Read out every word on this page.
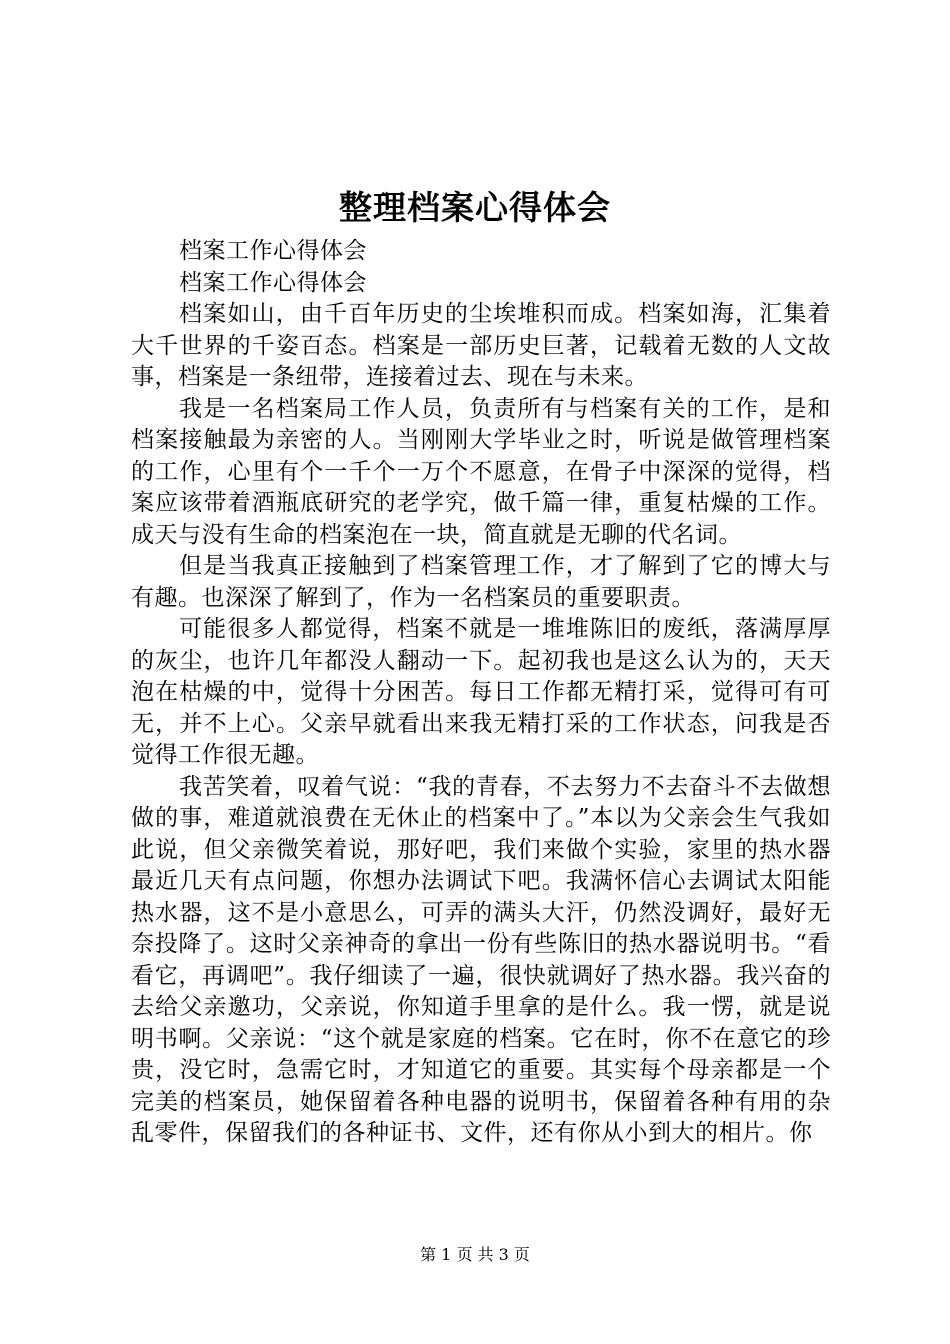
整理档案心得体会

档案工作心得体会

档案工作心得体会

档案如山，由千百年历史的尘埃堆积而成。档案如海，汇集着大千世界的千姿百态。档案是一部历史巨著，记载着无数的人文故事，档案是一条纽带，连接着过去、现在与未来。

我是一名档案局工作人员，负责所有与档案有关的工作，是和档案接触最为亲密的人。当刚刚大学毕业之时，听说是做管理档案的工作，心里有个一千个一万个不愿意，在骨子中深深的觉得，档案应该带着酒瓶底研究的老学究，做千篇一律，重复枯燥的工作。成天与没有生命的档案泡在一块，简直就是无聊的代名词。

但是当我真正接触到了档案管理工作，才了解到了它的博大与有趣。也深深了解到了，作为一名档案员的重要职责。

可能很多人都觉得，档案不就是一堆堆陈旧的废纸，落满厚厚的灰尘，也许几年都没人翻动一下。起初我也是这么认为的，天天泡在枯燥的中，觉得十分困苦。每日工作都无精打采，觉得可有可无，并不上心。父亲早就看出来我无精打采的工作状态，问我是否觉得工作很无趣。

我苦笑着，叹着气说：“我的青春，不去努力不去奋斗不去做想做的事，难道就浪费在无休止的档案中了。”本以为父亲会生气我如此说，但父亲微笑着说，那好吧，我们来做个实验，家里的热水器最近几天有点问题，你想办法调试下吧。我满怀信心去调试太阳能热水器，这不是小意思么，可弄的满头大汗，仍然没调好，最好无奈投降了。这时父亲神奇的拿出一份有些陈旧的热水器说明书。“看看它，再调吧”。我仔细读了一遍，很快就调好了热水器。我兴奋的去给父亲邀功，父亲说，你知道手里拿的是什么。我一愣，就是说明书啊。父亲说：“这个就是家庭的档案。它在时，你不在意它的珍贵，没它时，急需它时，才知道它的重要。其实每个母亲都是一个完美的档案员，她保留着各种电器的说明书，保留着各种有用的杂乱零件，保留我们的各种证书、文件，还有你从小到大的相片。你

第 1 页 共 3 页
